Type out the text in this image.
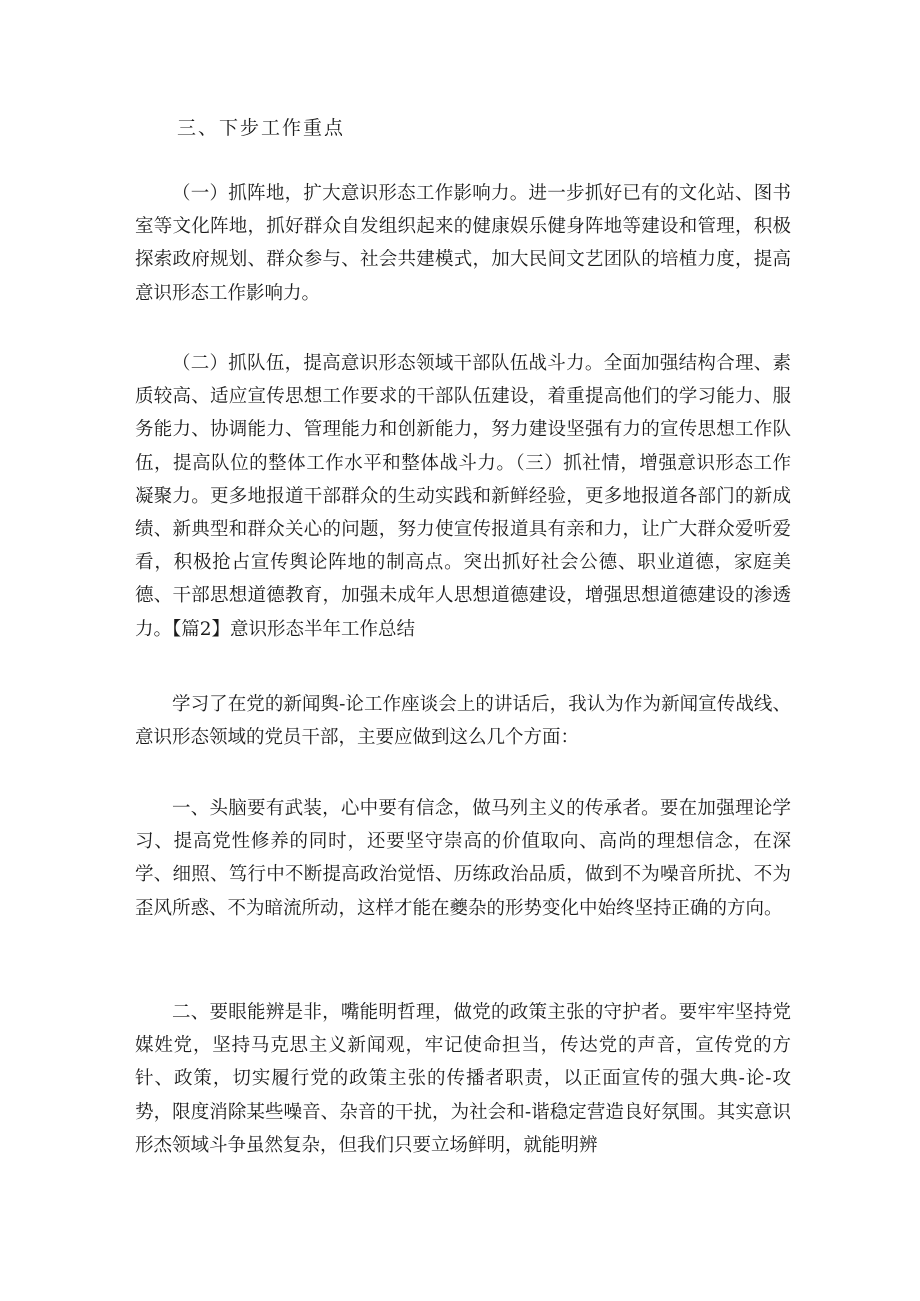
三、下步工作重点

（一）抓阵地，扩大意识形态工作影响力。进一步抓好已有的文化站、图书室等文化阵地，抓好群众自发组织起来的健康娱乐健身阵地等建设和管理，积极探索政府规划、群众参与、社会共建模式，加大民间文艺团队的培植力度，提高意识形态工作影响力。

（二）抓队伍，提高意识形态领域干部队伍战斗力。全面加强结构合理、素质较高、适应宣传思想工作要求的干部队伍建设，着重提高他们的学习能力、服务能力、协调能力、管理能力和创新能力，努力建设坚强有力的宣传思想工作队伍，提高队位的整体工作水平和整体战斗力。（三）抓社情，增强意识形态工作凝聚力。更多地报道干部群众的生动实践和新鲜经验，更多地报道各部门的新成绩、新典型和群众关心的问题，努力使宣传报道具有亲和力，让广大群众爱听爱看，积极抢占宣传舆论阵地的制高点。突出抓好社会公德、职业道德，家庭美德、干部思想道德教育，加强未成年人思想道德建设，增强思想道德建设的渗透力。【篇2】意识形态半年工作总结

学习了在党的新闻舆-论工作座谈会上的讲话后，我认为作为新闻宣传战线、意识形态领域的党员干部，主要应做到这么几个方面：

一、头脑要有武装，心中要有信念，做马列主义的传承者。要在加强理论学习、提高党性修养的同时，还要坚守崇高的价值取向、高尚的理想信念，在深学、细照、笃行中不断提高政治觉悟、历练政治品质，做到不为噪音所扰、不为歪风所惑、不为暗流所动，这样才能在夔杂的形势变化中始终坚持正确的方向。

二、要眼能辨是非，嘴能明哲理，做党的政策主张的守护者。要牢牢坚持党媒姓党，坚持马克思主义新闻观，牢记使命担当，传达党的声音，宣传党的方针、政策，切实履行党的政策主张的传播者职责，以正面宣传的强大典-论-攻势，限度消除某些噪音、杂音的干扰，为社会和-谐稳定营造良好氛围。其实意识形杰领域斗争虽然复杂，但我们只要立场鲜明，就能明辨
